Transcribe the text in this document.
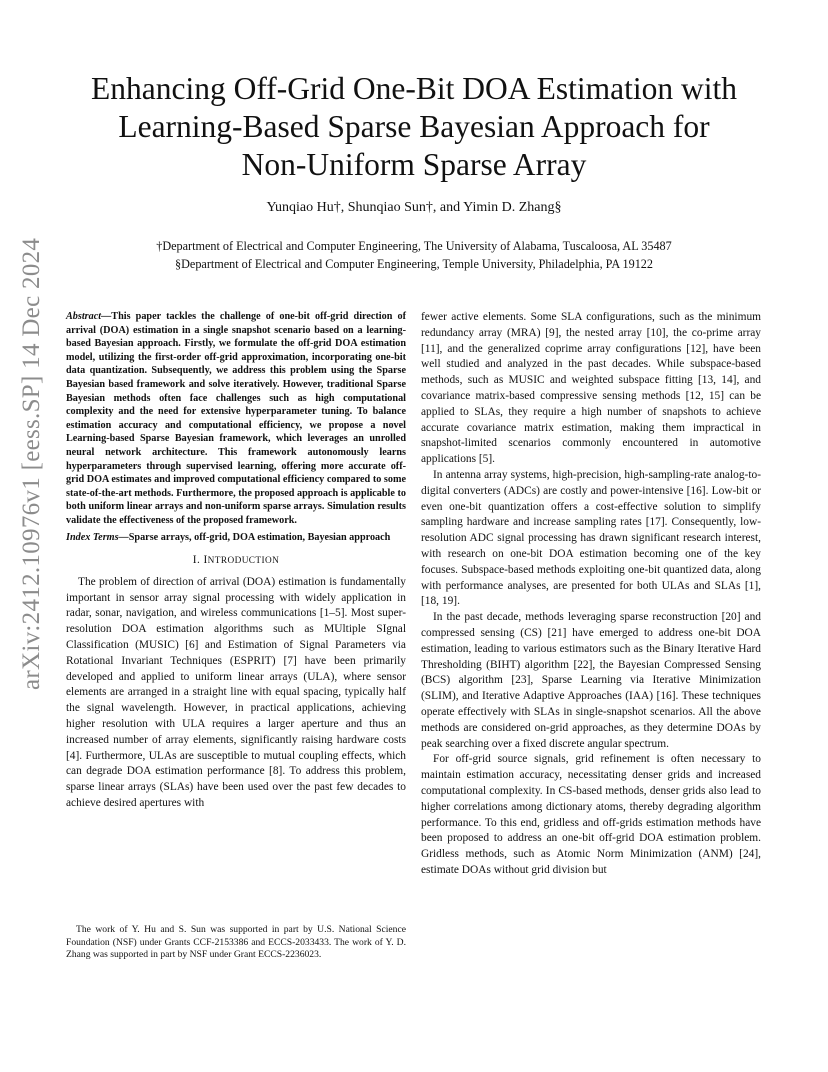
arXiv:2412.10976v1 [eess.SP] 14 Dec 2024
Enhancing Off-Grid One-Bit DOA Estimation with
Learning-Based Sparse Bayesian Approach for
Non-Uniform Sparse Array
Yunqiao Hu†, Shunqiao Sun†, and Yimin D. Zhang§
†Department of Electrical and Computer Engineering, The University of Alabama, Tuscaloosa, AL 35487
§Department of Electrical and Computer Engineering, Temple University, Philadelphia, PA 19122

Abstract—This paper tackles the challenge of one-bit off-grid direction of arrival (DOA) estimation in a single snapshot scenario based on a learning-based Bayesian approach. Firstly, we formulate the off-grid DOA estimation model, utilizing the first-order off-grid approximation, incorporating one-bit data quantization. Subsequently, we address this problem using the Sparse Bayesian based framework and solve iteratively. However, traditional Sparse Bayesian methods often face challenges such as high computational complexity and the need for extensive hyperparameter tuning. To balance estimation accuracy and computational efficiency, we propose a novel Learning-based Sparse Bayesian framework, which leverages an unrolled neural network architecture. This framework autonomously learns hyperparameters through supervised learning, offering more accurate off-grid DOA estimates and improved computational efficiency compared to some state-of-the-art methods. Furthermore, the proposed approach is applicable to both uniform linear arrays and non-uniform sparse arrays. Simulation results validate the effectiveness of the proposed framework.

Index Terms—Sparse arrays, off-grid, DOA estimation, Bayesian approach

I. INTRODUCTION

The problem of direction of arrival (DOA) estimation is fundamentally important in sensor array signal processing with widely application in radar, sonar, navigation, and wireless communications [1–5]. Most super-resolution DOA estimation algorithms such as MUltiple SIgnal Classification (MUSIC) [6] and Estimation of Signal Parameters via Rotational Invariant Techniques (ESPRIT) [7] have been primarily developed and applied to uniform linear arrays (ULA), where sensor elements are arranged in a straight line with equal spacing, typically half the signal wavelength. However, in practical applications, achieving higher resolution with ULA requires a larger aperture and thus an increased number of array elements, significantly raising hardware costs [4]. Furthermore, ULAs are susceptible to mutual coupling effects, which can degrade DOA estimation performance [8]. To address this problem, sparse linear arrays (SLAs) have been used over the past few decades to achieve desired apertures with

fewer active elements. Some SLA configurations, such as the minimum redundancy array (MRA) [9], the nested array [10], the co-prime array [11], and the generalized coprime array configurations [12], have been well studied and analyzed in the past decades. While subspace-based methods, such as MUSIC and weighted subspace fitting [13, 14], and covariance matrix-based compressive sensing methods [12, 15] can be applied to SLAs, they require a high number of snapshots to achieve accurate covariance matrix estimation, making them impractical in snapshot-limited scenarios commonly encountered in automotive applications [5].

In antenna array systems, high-precision, high-sampling-rate analog-to-digital converters (ADCs) are costly and power-intensive [16]. Low-bit or even one-bit quantization offers a cost-effective solution to simplify sampling hardware and increase sampling rates [17]. Consequently, low-resolution ADC signal processing has drawn significant research interest, with research on one-bit DOA estimation becoming one of the key focuses. Subspace-based methods exploiting one-bit quantized data, along with performance analyses, are presented for both ULAs and SLAs [1], [18, 19].

In the past decade, methods leveraging sparse reconstruction [20] and compressed sensing (CS) [21] have emerged to address one-bit DOA estimation, leading to various estimators such as the Binary Iterative Hard Thresholding (BIHT) algorithm [22], the Bayesian Compressed Sensing (BCS) algorithm [23], Sparse Learning via Iterative Minimization (SLIM), and Iterative Adaptive Approaches (IAA) [16]. These techniques operate effectively with SLAs in single-snapshot scenarios. All the above methods are considered on-grid approaches, as they determine DOAs by peak searching over a fixed discrete angular spectrum.

For off-grid source signals, grid refinement is often necessary to maintain estimation accuracy, necessitating denser grids and increased computational complexity. In CS-based methods, denser grids also lead to higher correlations among dictionary atoms, thereby degrading algorithm performance. To this end, gridless and off-grids estimation methods have been proposed to address an one-bit off-grid DOA estimation problem. Gridless methods, such as Atomic Norm Minimization (ANM) [24], estimate DOAs without grid division but

The work of Y. Hu and S. Sun was supported in part by U.S. National Science Foundation (NSF) under Grants CCF-2153386 and ECCS-2033433. The work of Y. D. Zhang was supported in part by NSF under Grant ECCS-2236023.
